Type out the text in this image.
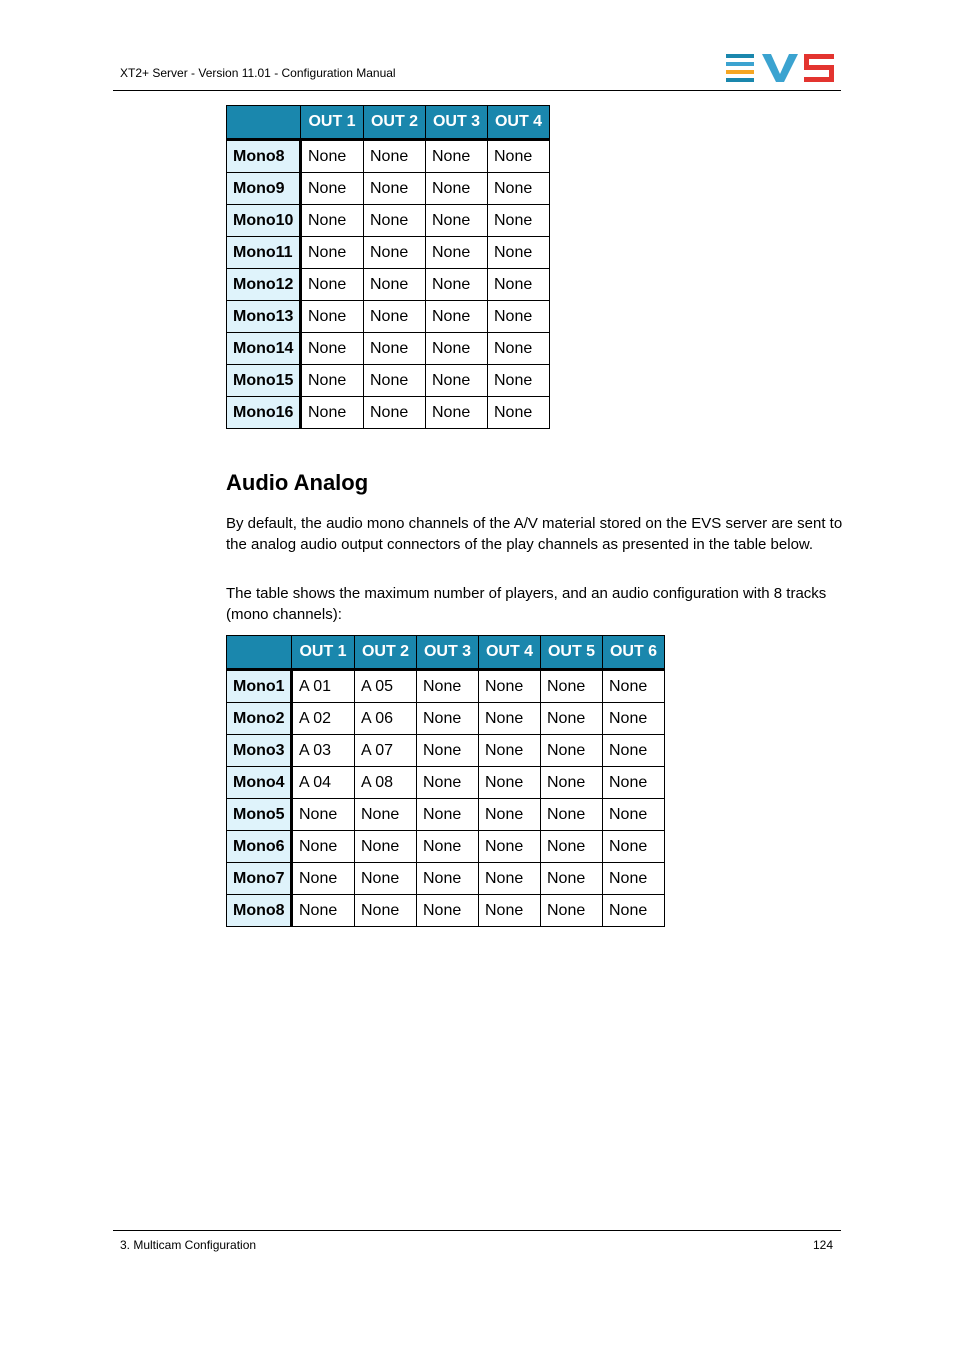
XT2+ Server - Version 11.01 - Configuration Manual
	OUT 1	OUT 2	OUT 3	OUT 4
Mono8	None	None	None	None
Mono9	None	None	None	None
Mono10	None	None	None	None
Mono11	None	None	None	None
Mono12	None	None	None	None
Mono13	None	None	None	None
Mono14	None	None	None	None
Mono15	None	None	None	None
Mono16	None	None	None	None
Audio Analog

By default, the audio mono channels of the A/V material stored on the EVS server are sent to the analog audio output connectors of the play channels as presented in the table below.

The table shows the maximum number of players, and an audio configuration with 8 tracks (mono channels):

	OUT 1	OUT 2	OUT 3	OUT 4	OUT 5	OUT 6
Mono1	A 01	A 05	None	None	None	None
Mono2	A 02	A 06	None	None	None	None
Mono3	A 03	A 07	None	None	None	None
Mono4	A 04	A 08	None	None	None	None
Mono5	None	None	None	None	None	None
Mono6	None	None	None	None	None	None
Mono7	None	None	None	None	None	None
Mono8	None	None	None	None	None	None
3. Multicam Configuration	124
